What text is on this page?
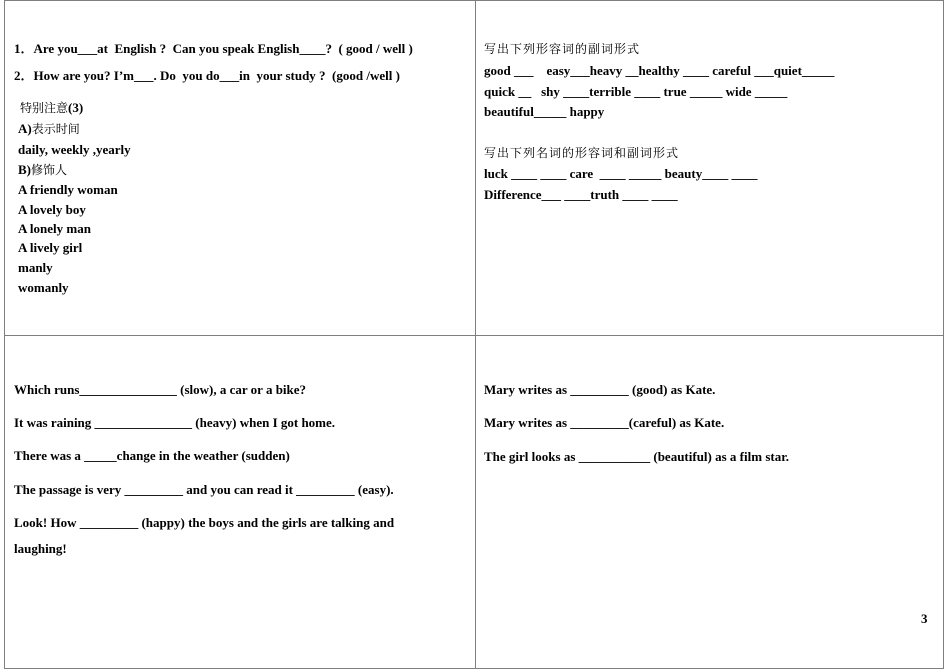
1．Are you___at  English ?  Can you speak English____?  ( good / well )
2．How are you? I’m___. Do  you do___in  your study ?  (good /well )
特别注意(3)
A)表示时间
daily, weekly ,yearly
B)修饰人
A friendly woman
A lovely boy
A lonely man
A lively girl
manly
womanly
写出下列形容词的副词形式
good ___    easy___heavy __healthy ____ careful ___quiet_____
quick __   shy ____terrible ____ true _____ wide _____
beautiful_____ happy
写出下列名词的形容词和副词形式
luck ____ ____ care  ____ _____ beauty____ ____
Difference___ ____truth ____ ____
Which runs_______________ (slow), a car or a bike?
It was raining _______________ (heavy) when I got home.
There was a _____change in the weather (sudden)
The passage is very _________ and you can read it _________ (easy).
Look! How _________ (happy) the boys and the girls are talking and
laughing!
Mary writes as _________ (good) as Kate.
Mary writes as _________(careful) as Kate.
The girl looks as ___________ (beautiful) as a film star.
3
